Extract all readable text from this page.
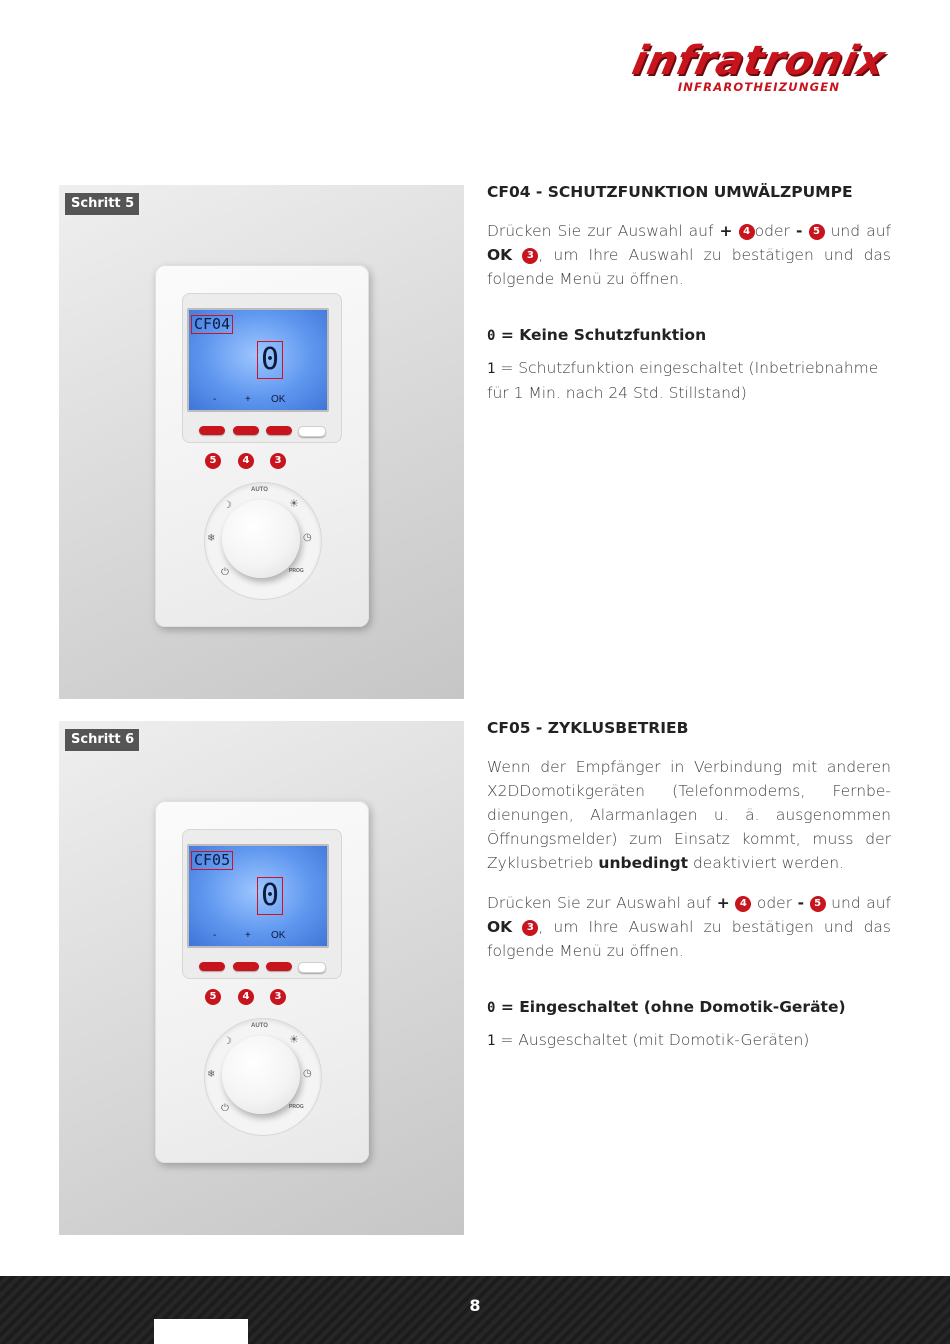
infratronix
INFRAROTHEIZUNGEN
Schritt 5
CF04
0
-	+ OK
5	4	3
AUTO
☽	☀
❄	◷
⏻	PROG
CF04 - SCHUTZFUNKTION UMWÄLZPUMPE

Drücken Sie zur Auswahl auf + 4 oder - 5 und auf OK 3 , um Ihre Auswahl zu bestätigen und das folgende Menü zu öffnen.

0 = Keine Schutzfunktion
1 = Schutzfunktion eingeschaltet (Inbetriebnahme für 1 Min. nach 24 Std. Stillstand)
Schritt 6
CF05
0
-	+ OK
5	4	3
AUTO
☽	☀
❄	◷
⏻	PROG
CF05 - ZYKLUSBETRIEB

Wenn der Empfänger in Verbindung mit anderen X2DDomotikgeräten (Telefonmodems, Fernbe-dienungen, Alarmanlagen u. ä. ausgenommen Öffnungsmelder) zum Einsatz kommt, muss der Zyklusbetrieb unbedingt deaktiviert werden.

Drücken Sie zur Auswahl auf + 4 oder - 5 und auf OK 3 , um Ihre Auswahl zu bestätigen und das folgende Menü zu öffnen.

0 = Eingeschaltet (ohne Domotik-Geräte)
1 = Ausgeschaltet (mit Domotik-Geräten)
8
